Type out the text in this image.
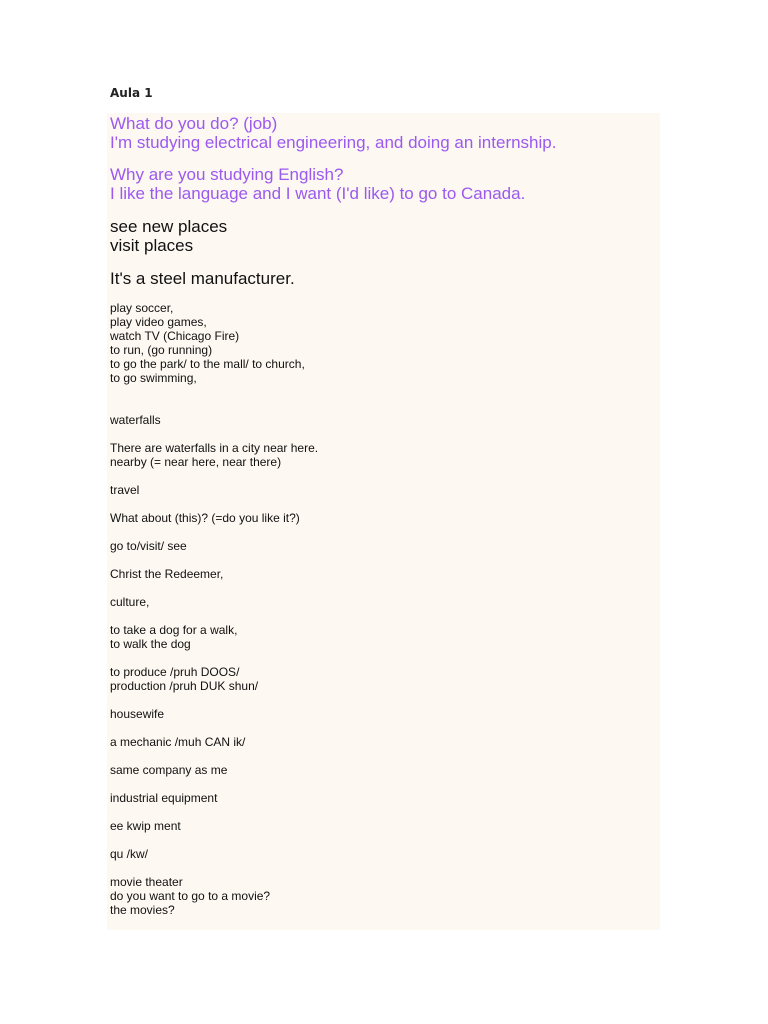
Aula 1
What do you do? (job)
I'm studying electrical engineering, and doing an internship.
Why are you studying English?
I like the language and I want (I'd like) to go to Canada.
see new places
visit places
It's a steel manufacturer.
play soccer,
play video games,
watch TV (Chicago Fire)
to run, (go running)
to go the park/ to the mall/ to church,
to go swimming,
waterfalls
There are waterfalls in a city near here.
nearby (= near here, near there)
travel
What about (this)? (=do you like it?)
go to/visit/ see
Christ the Redeemer,
culture,
to take a dog for a walk,
to walk the dog
to produce /pruh DOOS/
production /pruh DUK shun/
housewife
a mechanic /muh CAN ik/
same company as me
industrial equipment
ee kwip ment
qu /kw/
movie theater
do you want to go to a movie?
the movies?
